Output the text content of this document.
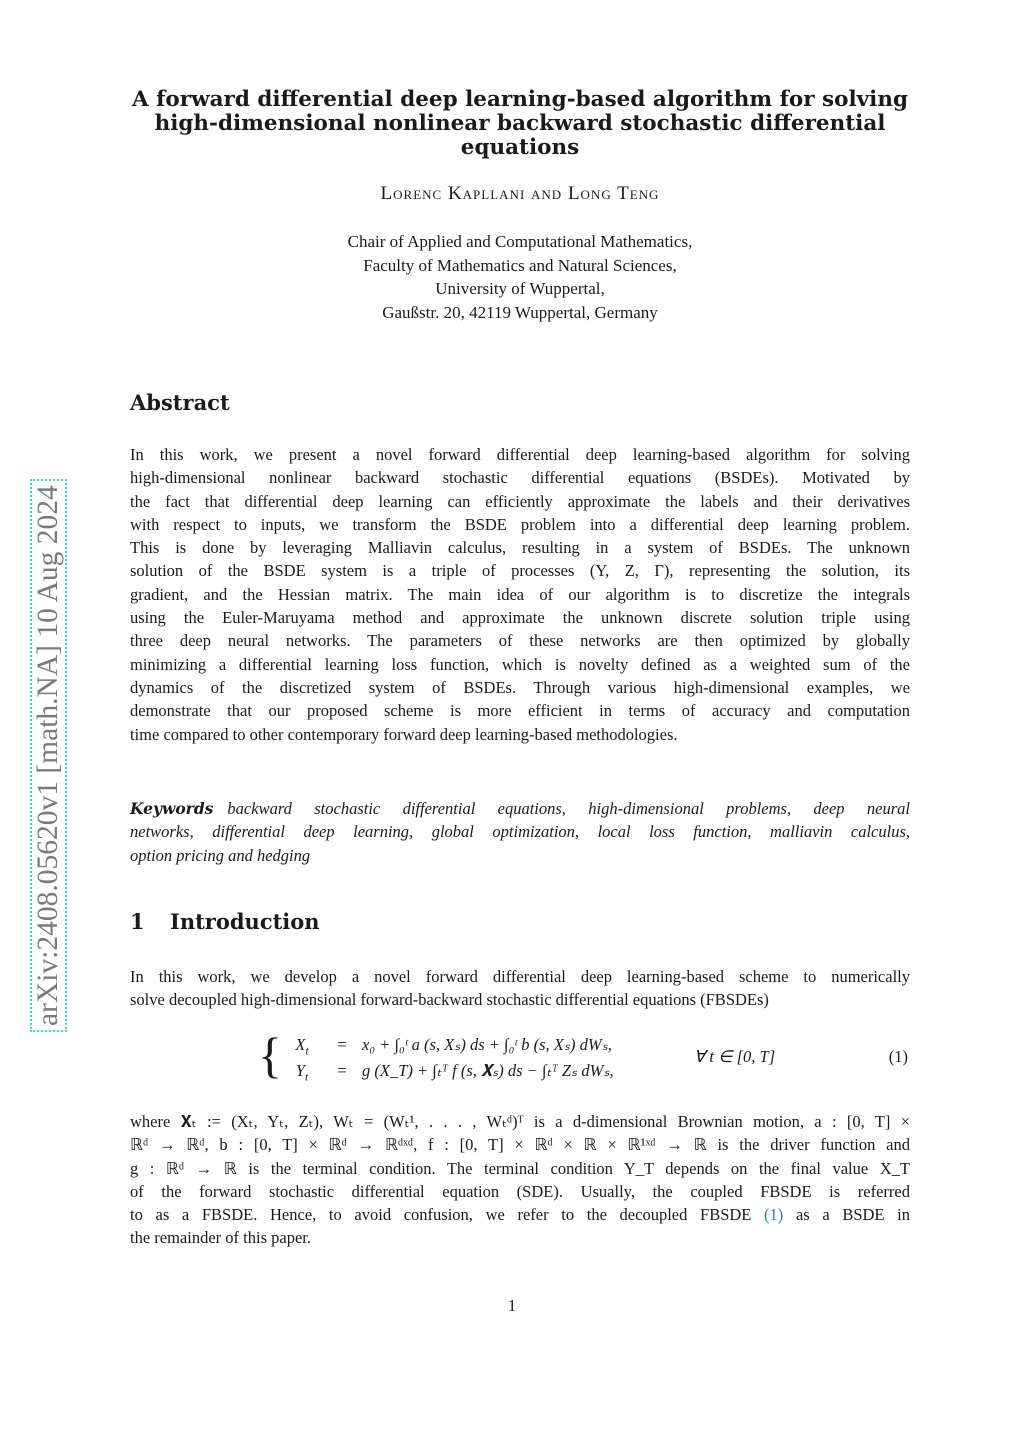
A forward differential deep learning-based algorithm for solving
high-dimensional nonlinear backward stochastic differential
equations
Lorenc Kapllani and Long Teng
Chair of Applied and Computational Mathematics,
Faculty of Mathematics and Natural Sciences,
University of Wuppertal,
Gaußstr. 20, 42119 Wuppertal, Germany
arXiv:2408.05620v1 [math.NA] 10 Aug 2024
Abstract
In this work, we present a novel forward differential deep learning-based algorithm for solving
high-dimensional nonlinear backward stochastic differential equations (BSDEs). Motivated by
the fact that differential deep learning can efficiently approximate the labels and their derivatives
with respect to inputs, we transform the BSDE problem into a differential deep learning problem.
This is done by leveraging Malliavin calculus, resulting in a system of BSDEs. The unknown
solution of the BSDE system is a triple of processes (Y, Z, Γ), representing the solution, its
gradient, and the Hessian matrix. The main idea of our algorithm is to discretize the integrals
using the Euler-Maruyama method and approximate the unknown discrete solution triple using
three deep neural networks. The parameters of these networks are then optimized by globally
minimizing a differential learning loss function, which is novelty defined as a weighted sum of the
dynamics of the discretized system of BSDEs. Through various high-dimensional examples, we
demonstrate that our proposed scheme is more efficient in terms of accuracy and computation
time compared to other contemporary forward deep learning-based methodologies.
Keywords backward stochastic differential equations, high-dimensional problems, deep neural
networks, differential deep learning, global optimization, local loss function, malliavin calculus,
option pricing and hedging
1 Introduction
In this work, we develop a novel forward differential deep learning-based scheme to numerically
solve decoupled high-dimensional forward-backward stochastic differential equations (FBSDEs)
{ $X_t = x_0$ + ∫₀ᵗ a (s, Xₛ) ds + ∫₀ᵗ b (s, Xₛ) dWₛ,
$Y_t = g$ (X_T) + ∫ₜᵀ f (s, 𝐗ₛ) ds − ∫ₜᵀ Zₛ dWₛ,
∀ t ∈ [0, T]	(1)
where 𝐗ₜ := (Xₜ, Yₜ, Zₜ), Wₜ = (Wₜ¹, . . . , Wₜᵈ)ᵀ is a d-dimensional Brownian motion, a : [0, T] ×
ℝᵈ → ℝᵈ, b : [0, T] × ℝᵈ → ℝᵈˣᵈ, f : [0, T] × ℝᵈ × ℝ × ℝ¹ˣᵈ → ℝ is the driver function and
g : ℝᵈ → ℝ is the terminal condition. The terminal condition Y_T depends on the final value X_T
of the forward stochastic differential equation (SDE). Usually, the coupled FBSDE is referred
to as a FBSDE. Hence, to avoid confusion, we refer to the decoupled FBSDE (1) as a BSDE in
the remainder of this paper.
1
